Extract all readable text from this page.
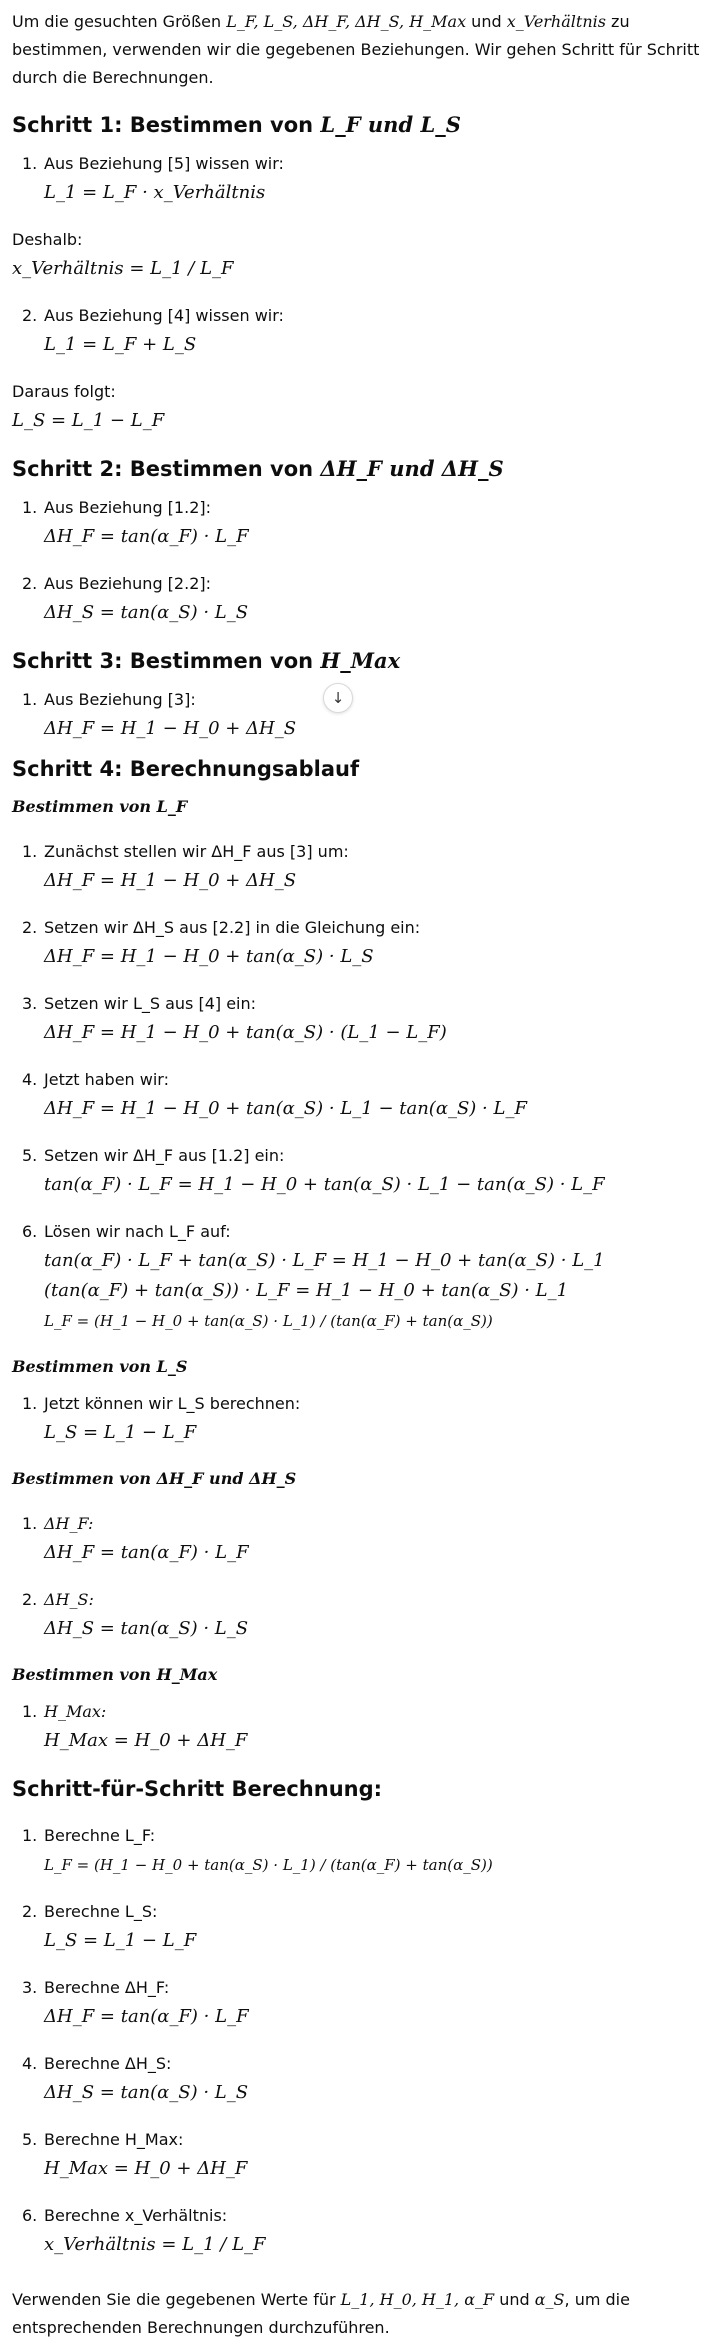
Um die gesuchten Größen L_F, L_S, ΔH_F, ΔH_S, H_Max und x_Verhältnis zu bestimmen, verwenden wir die gegebenen Beziehungen. Wir gehen Schritt für Schritt durch die Berechnungen.

Schritt 1: Bestimmen von L_F und L_S
1. Aus Beziehung [5] wissen wir:
L_1 = L_F · x_Verhältnis

Deshalb:

x_Verhältnis = L_1 / L_F

2. Aus Beziehung [4] wissen wir:
L_1 = L_F + L_S

Daraus folgt:

L_S = L_1 − L_F

Schritt 2: Bestimmen von ΔH_F und ΔH_S
1. Aus Beziehung [1.2]:
ΔH_F = tan(α_F) · L_F
2. Aus Beziehung [2.2]:
ΔH_S = tan(α_S) · L_S
Schritt 3: Bestimmen von H_Max
1. Aus Beziehung [3]:
ΔH_F = H_1 − H_0 + ΔH_S
Schritt 4: Berechnungsablauf
Bestimmen von L_F
1. Zunächst stellen wir ΔH_F aus [3] um:
ΔH_F = H_1 − H_0 + ΔH_S
2. Setzen wir ΔH_S aus [2.2] in die Gleichung ein:
ΔH_F = H_1 − H_0 + tan(α_S) · L_S
3. Setzen wir L_S aus [4] ein:
ΔH_F = H_1 − H_0 + tan(α_S) · (L_1 − L_F)
4. Jetzt haben wir:
ΔH_F = H_1 − H_0 + tan(α_S) · L_1 − tan(α_S) · L_F
5. Setzen wir ΔH_F aus [1.2] ein:
tan(α_F) · L_F = H_1 − H_0 + tan(α_S) · L_1 − tan(α_S) · L_F
6. Lösen wir nach L_F auf:
tan(α_F) · L_F + tan(α_S) · L_F = H_1 − H_0 + tan(α_S) · L_1
(tan(α_F) + tan(α_S)) · L_F = H_1 − H_0 + tan(α_S) · L_1
L_F = (H_1 − H_0 + tan(α_S) · L_1) / (tan(α_F) + tan(α_S))
Bestimmen von L_S
1. Jetzt können wir L_S berechnen:
L_S = L_1 − L_F
Bestimmen von ΔH_F und ΔH_S
1. ΔH_F:
ΔH_F = tan(α_F) · L_F
2. ΔH_S:
ΔH_S = tan(α_S) · L_S
Bestimmen von H_Max
1. H_Max:
H_Max = H_0 + ΔH_F
Schritt-für-Schritt Berechnung:
1. Berechne L_F:
L_F = (H_1 − H_0 + tan(α_S) · L_1) / (tan(α_F) + tan(α_S))
2. Berechne L_S:
L_S = L_1 − L_F
3. Berechne ΔH_F:
ΔH_F = tan(α_F) · L_F
4. Berechne ΔH_S:
ΔH_S = tan(α_S) · L_S
5. Berechne H_Max:
H_Max = H_0 + ΔH_F
6. Berechne x_Verhältnis:
x_Verhältnis = L_1 / L_F

Verwenden Sie die gegebenen Werte für L_1, H_0, H_1, α_F und α_S, um die entsprechenden Berechnungen durchzuführen.

↓
